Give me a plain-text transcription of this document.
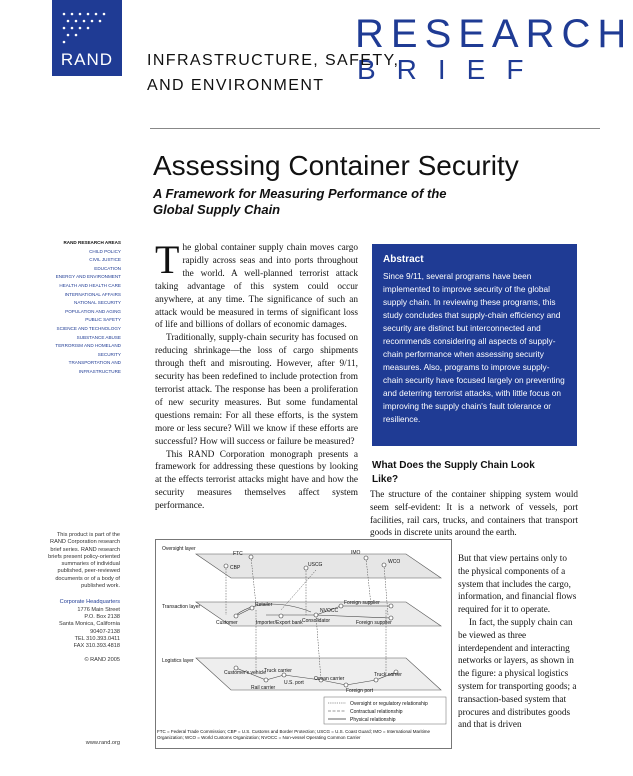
RAND
RESEARCH
BRIEF
INFRASTRUCTURE, SAFETY,
AND ENVIRONMENT
Assessing Container Security
A Framework for Measuring Performance of the Global Supply Chain
RAND RESEARCH AREAS
CHILD POLICY
CIVIL JUSTICE
EDUCATION
ENERGY AND ENVIRONMENT
HEALTH AND HEALTH CARE
INTERNATIONAL AFFAIRS
NATIONAL SECURITY
POPULATION AND AGING
PUBLIC SAFETY
SCIENCE AND TECHNOLOGY
SUBSTANCE ABUSE
TERRORISM AND HOMELAND SECURITY
TRANSPORTATION AND INFRASTRUCTURE
This product is part of the RAND Corporation research brief series. RAND research briefs present policy-oriented summaries of individual published, peer-reviewed documents or of a body of published work.
Corporate Headquarters
1776 Main Street
P.O. Box 2138
Santa Monica, California
90407-2138
TEL 310.393.0411
FAX 310.393.4818
© RAND 2005
www.rand.org

The global container supply chain moves cargo rapidly across seas and into ports throughout the world. A well-planned terrorist attack taking advantage of this system could occur anywhere, at any time. The significance of such an attack would be measured in terms of significant loss of life and billions of dollars of economic damages.

Traditionally, supply-chain security has focused on reducing shrinkage—the loss of cargo shipments through theft and misrouting. However, after 9/11, security has been redefined to include protection from terrorist attack. The response has been a proliferation of new security measures. But some fundamental questions remain: For all these efforts, is the system more or less secure? Will we know if these efforts are successful? How will success or failure be measured?

This RAND Corporation monograph presents a framework for addressing these questions by looking at the effects terrorist attacks might have and how the security measures themselves affect system performance.

Abstract
Since 9/11, several programs have been implemented to improve security of the global supply chain. In reviewing these programs, this study concludes that supply-chain efficiency and security are distinct but interconnected and recommends considering all aspects of supply-chain performance when assessing security measures. Also, programs to improve supply-chain security have focused largely on preventing and deterring terrorist attacks, with little focus on improving the supply chain's fault tolerance or resilience.
What Does the Supply Chain Look Like?

The structure of the container shipping system would seem self-evident: It is a network of vessels, port facilities, rail cars, trucks, and containers that transport goods in discrete units around the earth.

But that view pertains only to the physical components of a system that includes the cargo, information, and financial flows required for it to operate.

In fact, the supply chain can be viewed as three interdependent and interacting networks or layers, as shown in the figure: a physical logistics system for transporting goods; a transaction-based system that procures and distributes goods and that is driven

Oversight layer
Transaction layer
Logistics layer
FTC
CBP	USCG
IMO
WCO
Retailer
Customer	Importer/Export bank Consolidator
NVOCC
Foreign supplier
Foreign supplier
Customer's vehicle
Truck carrier
Rail carrier
U.S. port
Ocean carrier
Foreign port
Truck carrier
Oversight or regulatory relationship
Contractual relationship
Physical relationship
FTC = Federal Trade Commission; CBP = U.S. Customs and Border Protection; USCG = U.S. Coast Guard; IMO = International Maritime Organization; WCO = World Customs Organization; NVOCC = Non-vessel Operating Common Carrier
